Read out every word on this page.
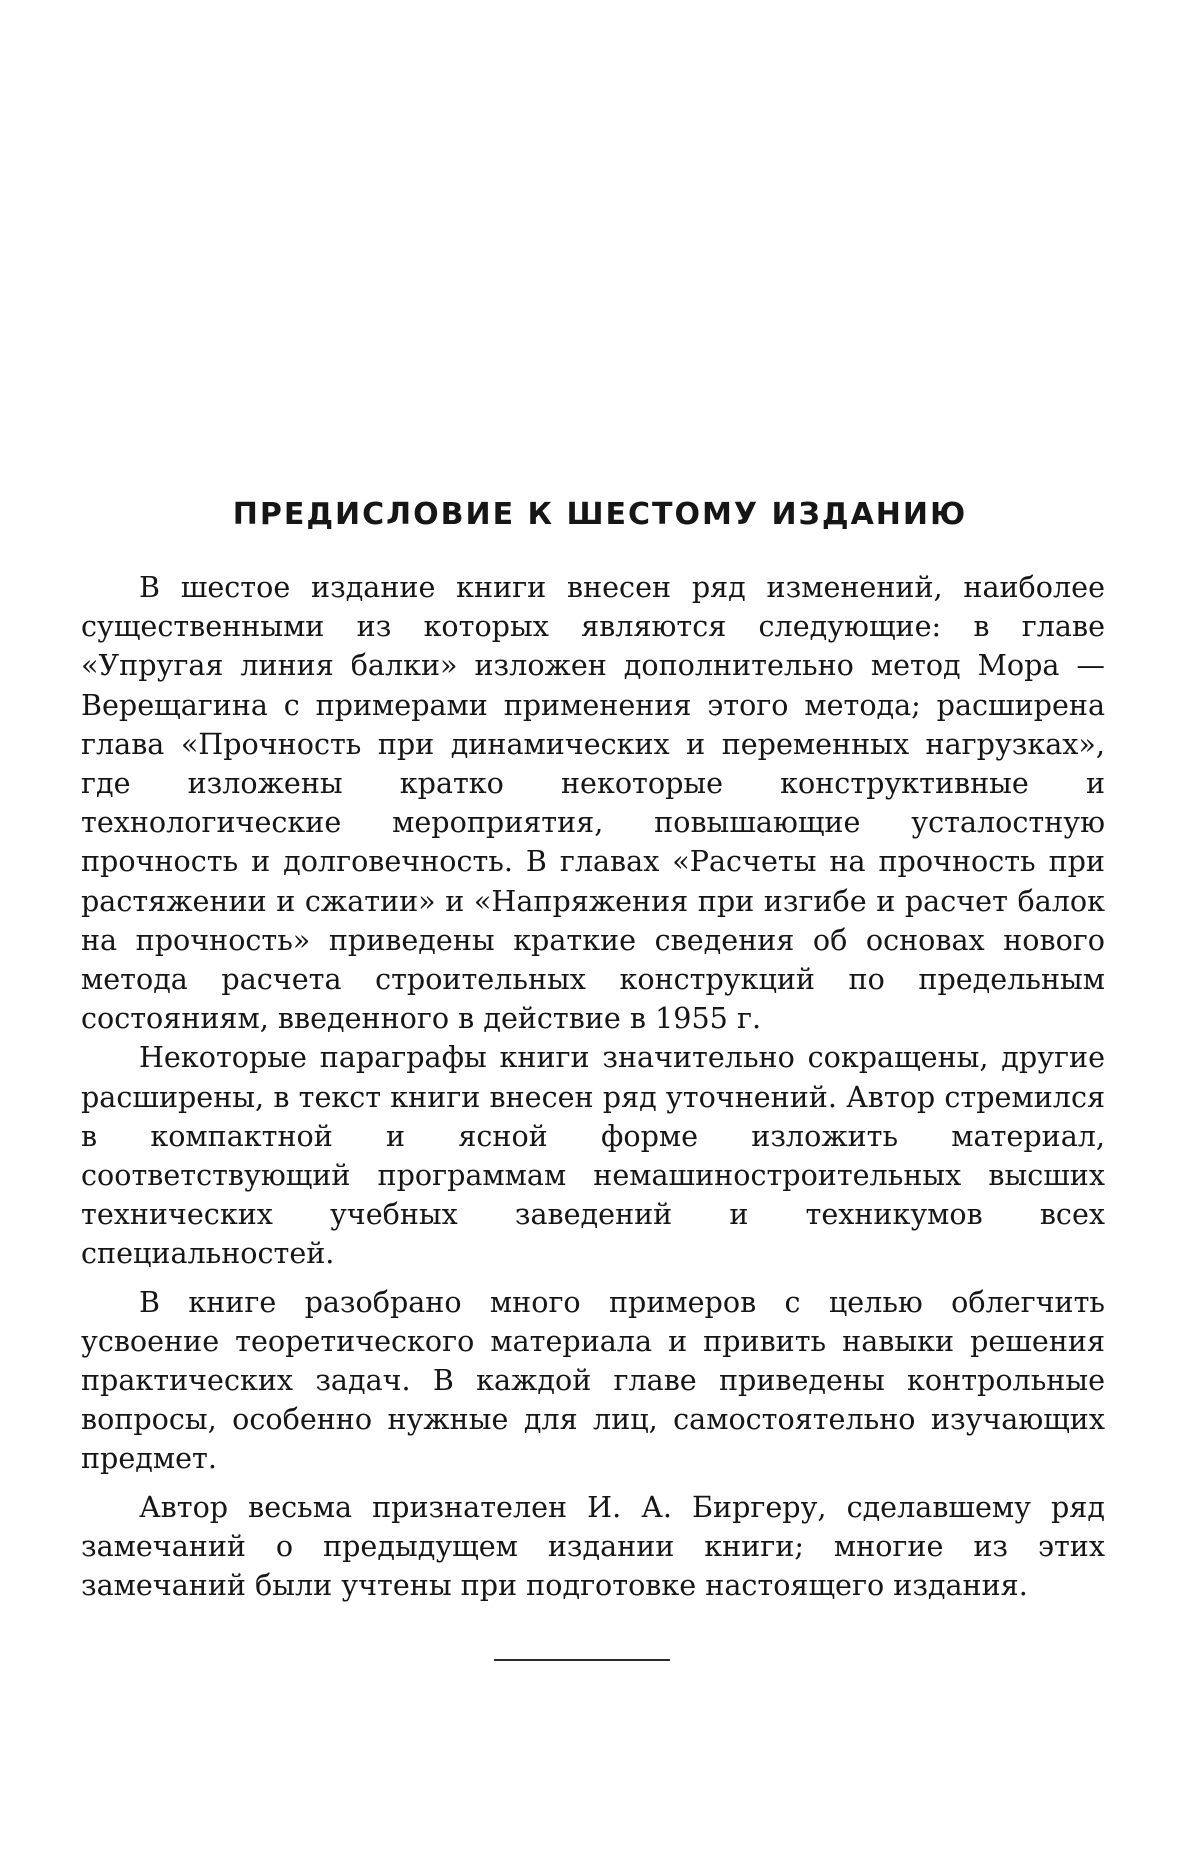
ПРЕДИСЛОВИЕ К ШЕСТОМУ ИЗДАНИЮ

В шестое издание книги внесен ряд изменений, наиболее существенными из которых являются следующие: в главе «Упругая линия балки» изложен дополнительно метод Мора — Верещагина с примерами применения этого метода; расширена глава «Прочность при динамических и переменных нагрузках», где изложены кратко некоторые конструктивные и технологические мероприятия, повышающие усталостную прочность и долговечность. В главах «Расчеты на прочность при растяжении и сжатии» и «Напряжения при изгибе и расчет балок на прочность» приведены краткие сведения об основах нового метода расчета строительных конструкций по предельным состояниям, введенного в действие в 1955 г.

Некоторые параграфы книги значительно сокращены, другие расширены, в текст книги внесен ряд уточнений. Автор стремился в компактной и ясной форме изложить материал, соответствующий программам немашиностроительных высших технических учебных заведений и техникумов всех специальностей.

В книге разобрано много примеров с целью облегчить усвоение теоретического материала и привить навыки решения практических задач. В каждой главе приведены контрольные вопросы, особенно нужные для лиц, самостоятельно изучающих предмет.

Автор весьма признателен И. А. Биргеру, сделавшему ряд замечаний о предыдущем издании книги; многие из этих замечаний были учтены при подготовке настоящего издания.
